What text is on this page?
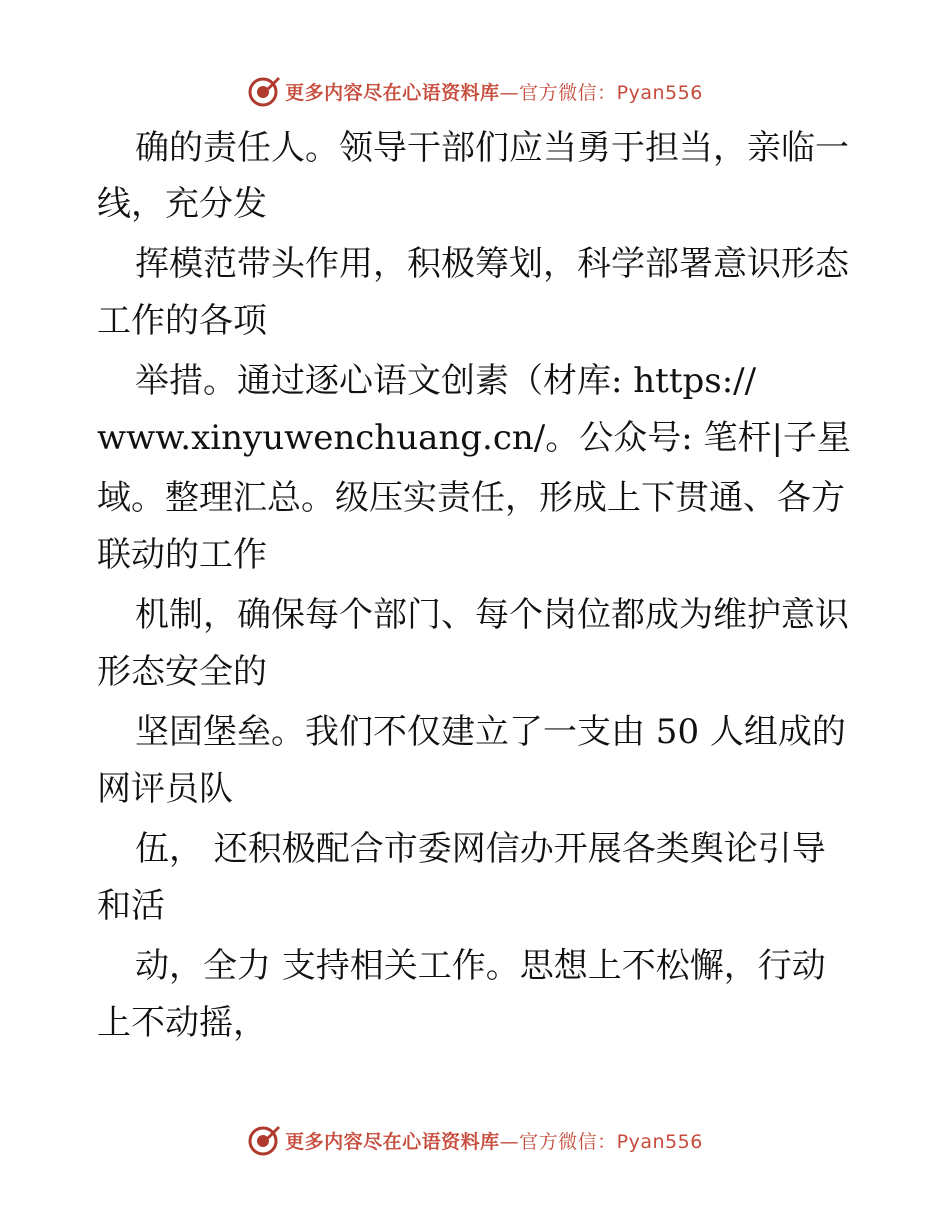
更多内容尽在心语资料库—官方微信：Pyan556
确的责任人。领导干部们应当勇于担当，亲临一
线，充分发
挥模范带头作用，积极筹划，科学部署意识形态
工作的各项
举措。通过逐心语文创素（材库: https://
www.xinyuwenchuang.cn/。公众号: 笔杆|子星
域。整理汇总。级压实责任，形成上下贯通、各方
联动的工作
机制，确保每个部门、每个岗位都成为维护意识
形态安全的
坚固堡垒。我们不仅建立了一支由 50 人组成的
网评员队
伍， 还积极配合市委网信办开展各类舆论引导
和活
动，全力 支持相关工作。思想上不松懈，行动
上不动摇，
更多内容尽在心语资料库—官方微信：Pyan556
